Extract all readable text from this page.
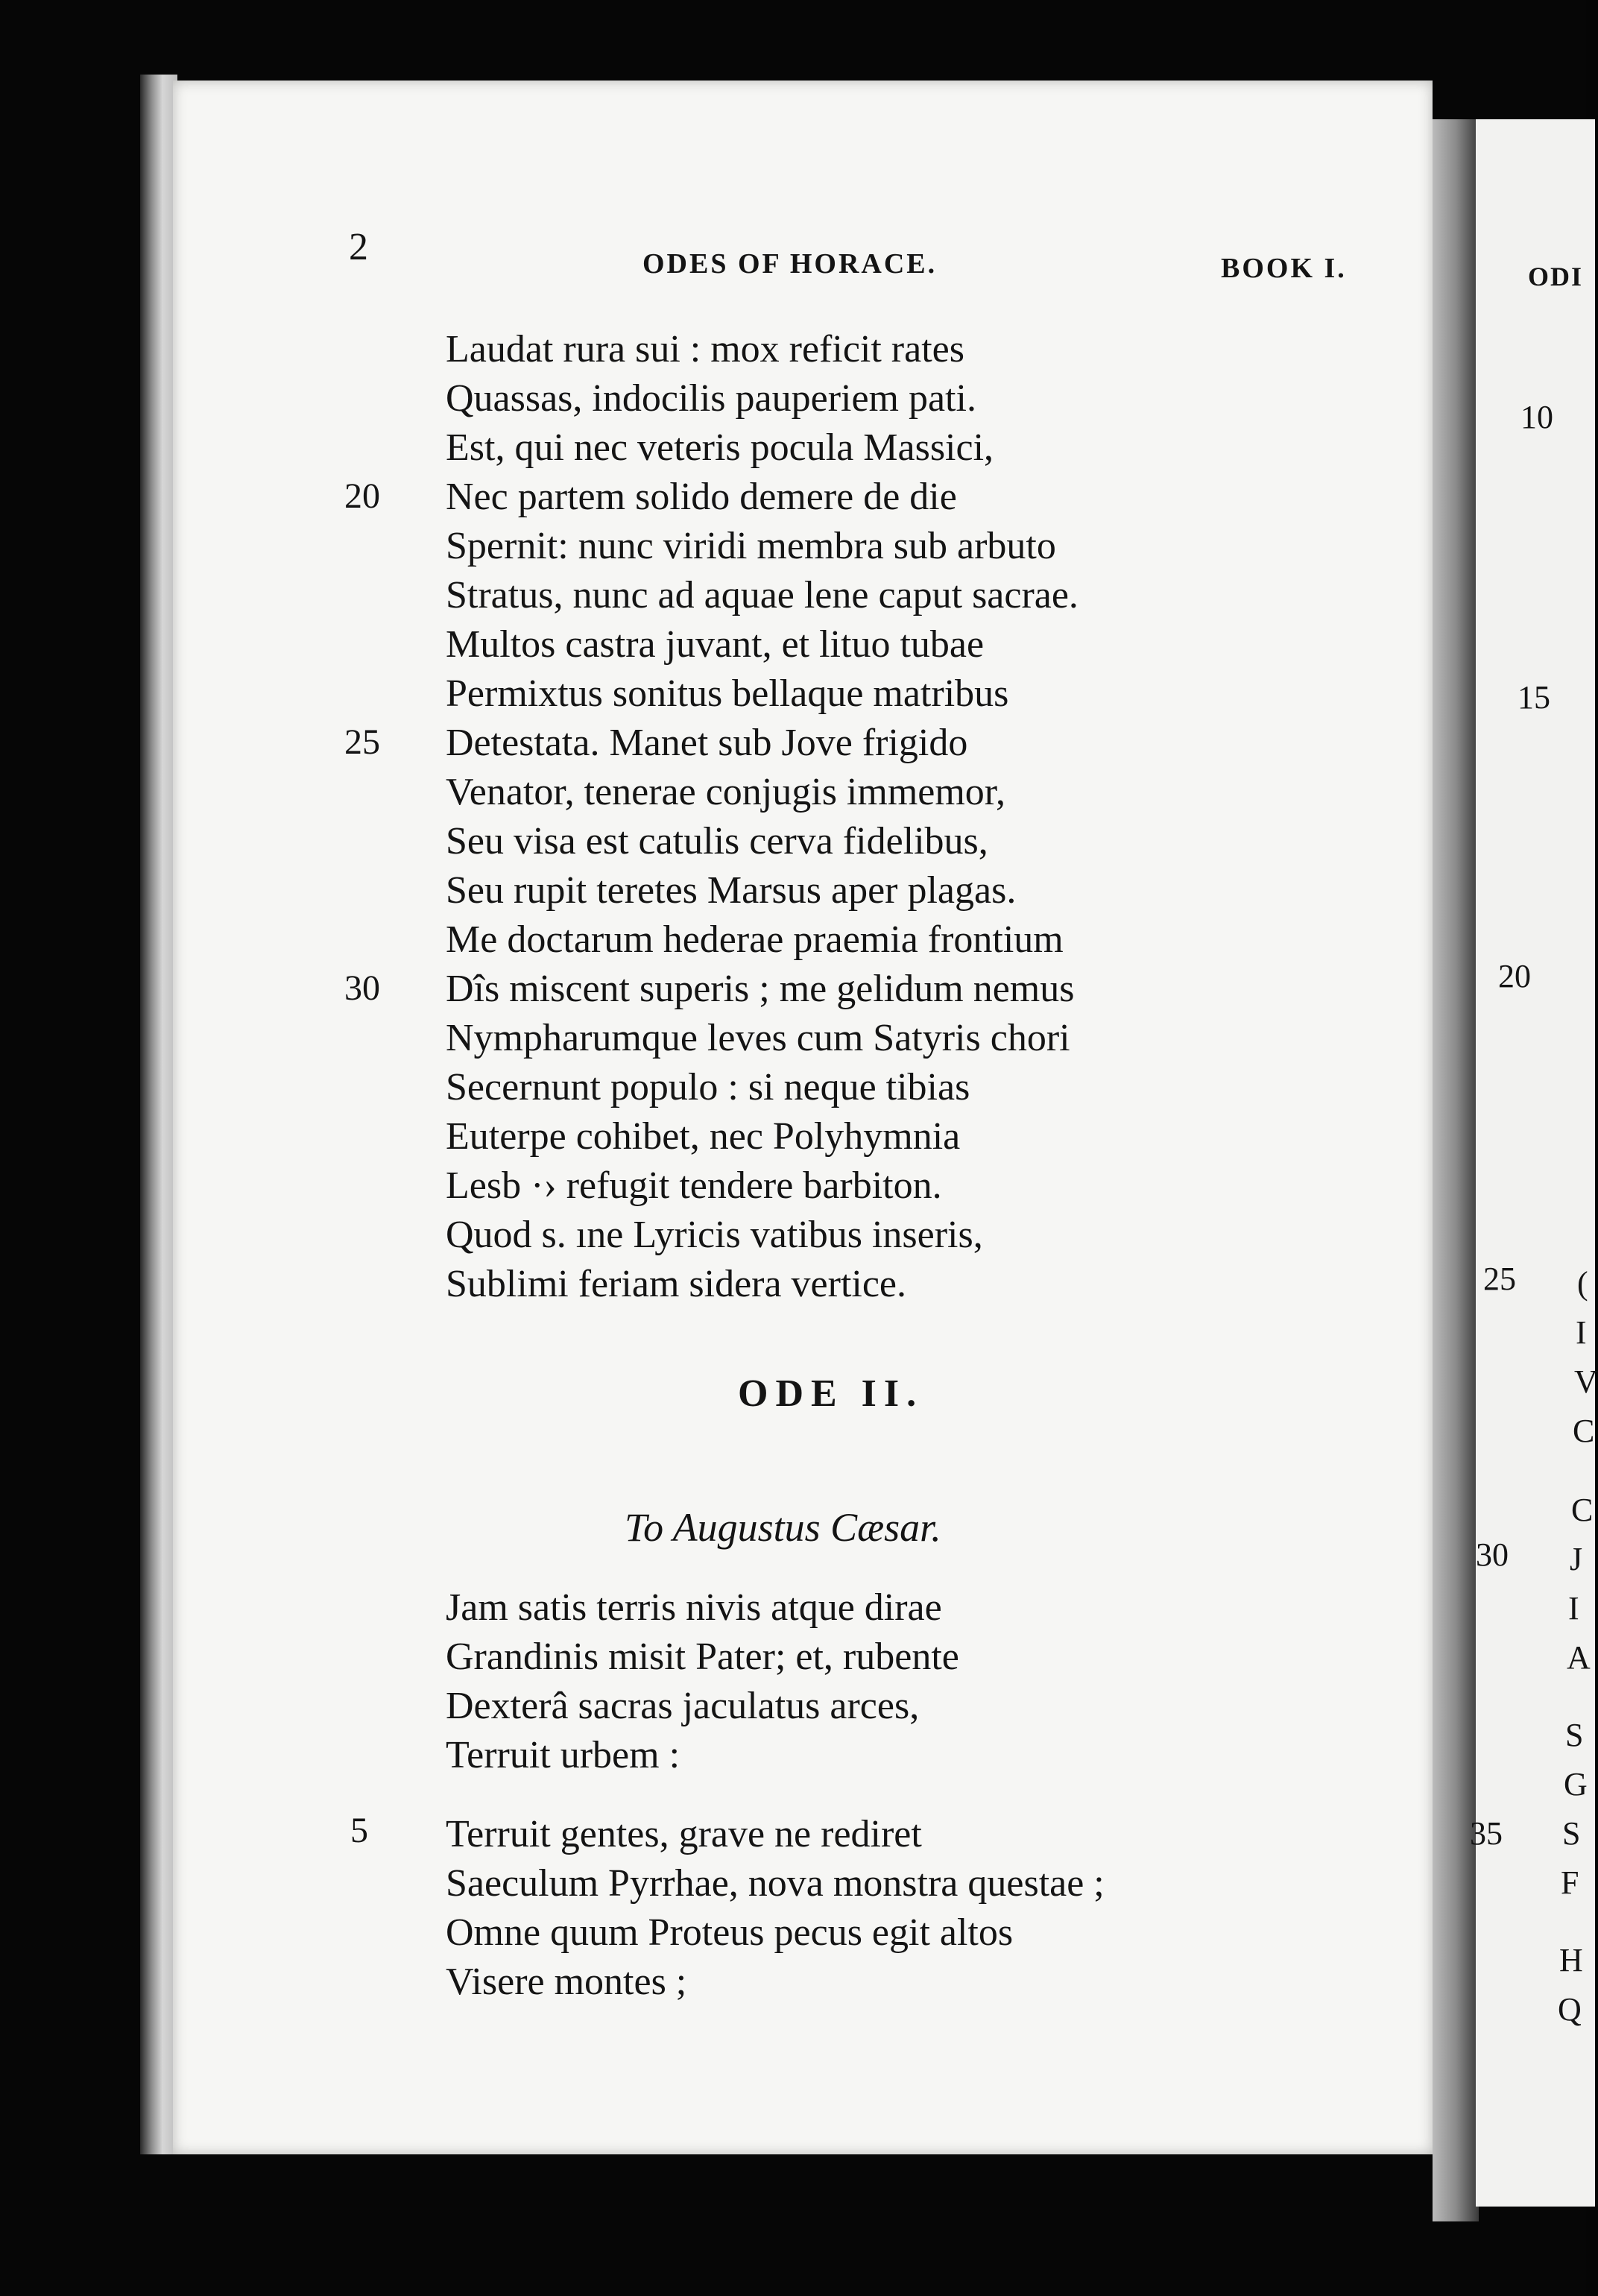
2	ODES OF HORACE.	BOOK I.
Laudat rura sui : mox reficit rates
Quassas, indocilis pauperiem pati.
Est, qui nec veteris pocula Massici,
Nec partem solido demere de die
Spernit: nunc viridi membra sub arbuto
Stratus, nunc ad aquae lene caput sacrae.
Multos castra juvant, et lituo tubae
Permixtus sonitus bellaque matribus
Detestata. Manet sub Jove frigido
Venator, tenerae conjugis immemor,
Seu visa est catulis cerva fidelibus,
Seu rupit teretes Marsus aper plagas.
Me doctarum hederae praemia frontium
Dîs miscent superis ; me gelidum nemus
Nympharumque leves cum Satyris chori
Secernunt populo : si neque tibias
Euterpe cohibet, nec Polyhymnia
Lesb ·› refugit tendere barbiton.
Quod s. ıne Lyricis vatibus inseris,
Sublimi feriam sidera vertice.
20
25
30
ODE II.
To Augustus Cæsar.
Jam satis terris nivis atque dirae
Grandinis misit Pater; et, rubente
Dexterâ sacras jaculatus arces,
Terruit urbem :
Terruit gentes, grave ne rediret
Saeculum Pyrrhae, nova monstra questae ;
Omne quum Proteus pecus egit altos
Visere montes ;
5
ODI
10
15
20
25
30
35
(
I
V
C
C
J
I
A
S
G
S
F
H
Q
